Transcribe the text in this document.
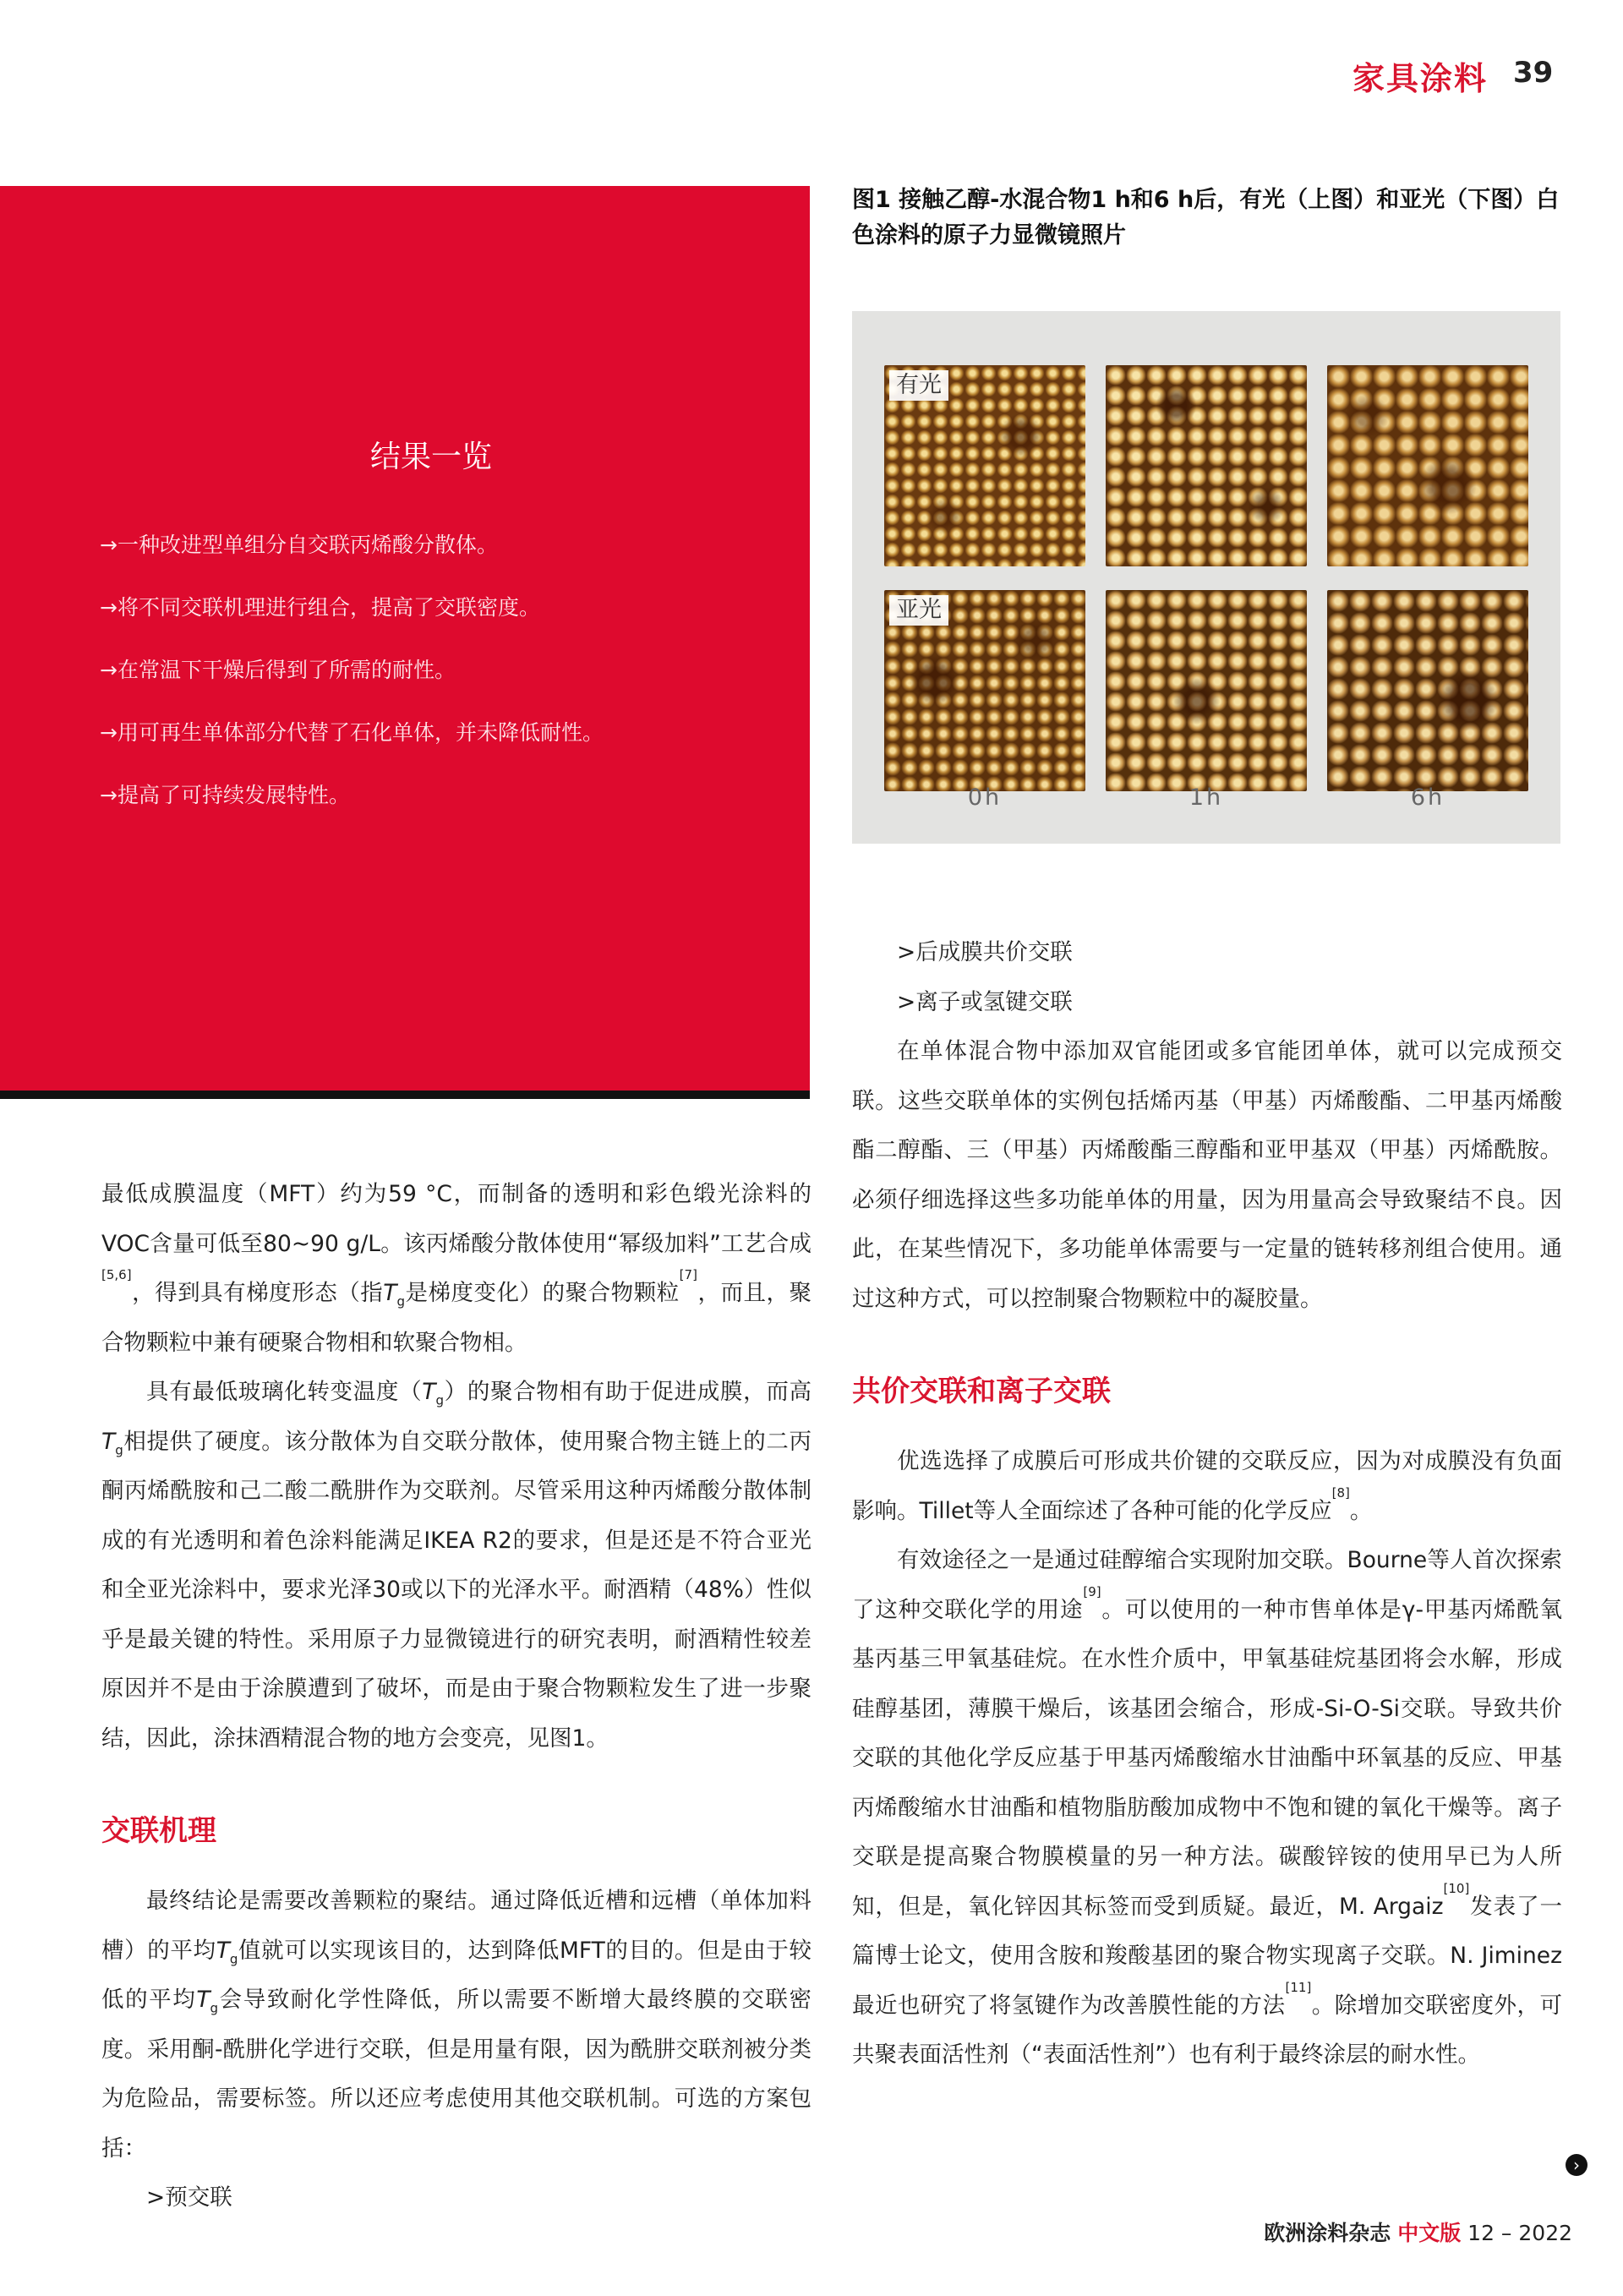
家具涂料 39
结果一览
→一种改进型单组分自交联丙烯酸分散体。
→将不同交联机理进行组合，提高了交联密度。
→在常温下干燥后得到了所需的耐性。
→用可再生单体部分代替了石化单体，并未降低耐性。
→提高了可持续发展特性。
图1 接触乙醇-水混合物1 h和6 h后，有光（上图）和亚光（下图）白色涂料的原子力显微镜照片
有光
亚光
0h	1h	6h

最低成膜温度（MFT）约为59 °C，而制备的透明和彩色缎光涂料的VOC含量可低至80~90 g/L。该丙烯酸分散体使用“幂级加料”工艺合成[5,6]，得到具有梯度形态（指$T_g$是梯度变化）的聚合物颗粒[7]，而且，聚合物颗粒中兼有硬聚合物相和软聚合物相。

具有最低玻璃化转变温度$(T_g)$的聚合物相有助于促进成膜，而高$T_g$相提供了硬度。该分散体为自交联分散体，使用聚合物主链上的二丙酮丙烯酰胺和己二酸二酰肼作为交联剂。尽管采用这种丙烯酸分散体制成的有光透明和着色涂料能满足IKEA R2的要求，但是还是不符合亚光和全亚光涂料中，要求光泽30或以下的光泽水平。耐酒精（48%）性似乎是最关键的特性。采用原子力显微镜进行的研究表明，耐酒精性较差原因并不是由于涂膜遭到了破坏，而是由于聚合物颗粒发生了进一步聚结，因此，涂抹酒精混合物的地方会变亮，见图1。

交联机理

最终结论是需要改善颗粒的聚结。通过降低近槽和远槽（单体加料槽）的平均$T_g$值就可以实现该目的，达到降低MFT的目的。但是由于较低的平均$T_g$会导致耐化学性降低，所以需要不断增大最终膜的交联密度。采用酮-酰肼化学进行交联，但是用量有限，因为酰肼交联剂被分类为危险品，需要标签。所以还应考虑使用其他交联机制。可选的方案包括：

>预交联

>后成膜共价交联

>离子或氢键交联

在单体混合物中添加双官能团或多官能团单体，就可以完成预交联。这些交联单体的实例包括烯丙基（甲基）丙烯酸酯、二甲基丙烯酸酯二醇酯、三（甲基）丙烯酸酯三醇酯和亚甲基双（甲基）丙烯酰胺。必须仔细选择这些多功能单体的用量，因为用量高会导致聚结不良。因此，在某些情况下，多功能单体需要与一定量的链转移剂组合使用。通过这种方式，可以控制聚合物颗粒中的凝胶量。

共价交联和离子交联

优选选择了成膜后可形成共价键的交联反应，因为对成膜没有负面影响。Tillet等人全面综述了各种可能的化学反应[8]。

有效途径之一是通过硅醇缩合实现附加交联。Bourne等人首次探索了这种交联化学的用途[9]。可以使用的一种市售单体是γ-甲基丙烯酰氧基丙基三甲氧基硅烷。在水性介质中，甲氧基硅烷基团将会水解，形成硅醇基团，薄膜干燥后，该基团会缩合，形成-Si-O-Si交联。导致共价交联的其他化学反应基于甲基丙烯酸缩水甘油酯中环氧基的反应、甲基丙烯酸缩水甘油酯和植物脂肪酸加成物中不饱和键的氧化干燥等。离子交联是提高聚合物膜模量的另一种方法。碳酸锌铵的使用早已为人所知，但是，氧化锌因其标签而受到质疑。最近，M. Argaiz[10]发表了一篇博士论文，使用含胺和羧酸基团的聚合物实现离子交联。N. Jiminez最近也研究了将氢键作为改善膜性能的方法[11]。除增加交联密度外，可共聚表面活性剂（“表面活性剂”）也有利于最终涂层的耐水性。

›
欧洲涂料杂志 中文版 12 – 2022
